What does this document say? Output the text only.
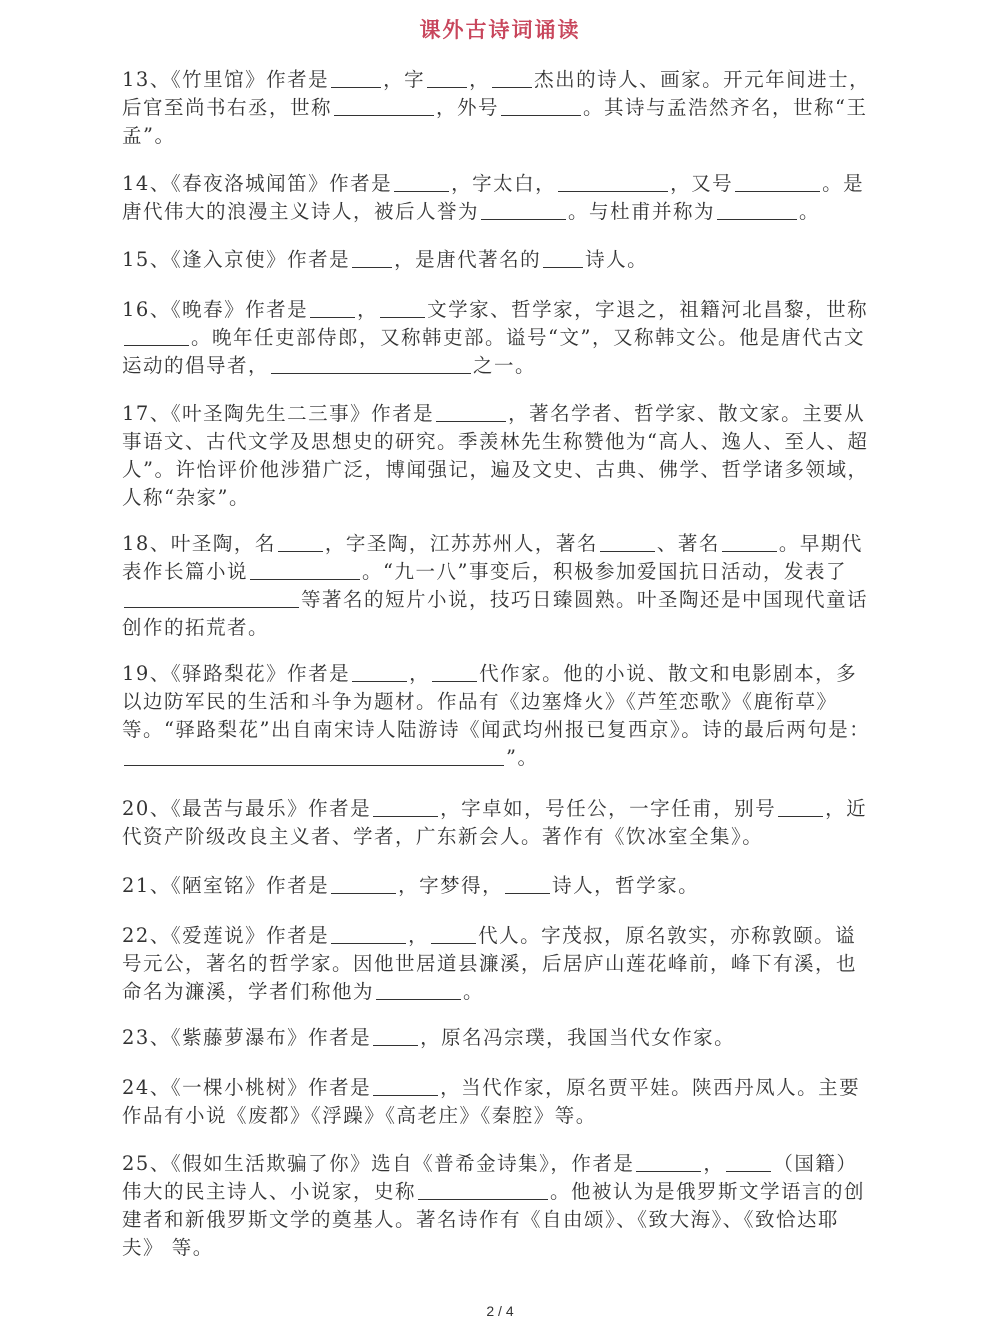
课外古诗词诵读
13、《竹里馆》作者是	，字 ， 杰出的诗人、画家。开元年间进士，后官至尚书右丞，世称	，外号	。其诗与孟浩然齐名，世称“王孟”。
14、《春夜洛城闻笛》作者是	，字太白，	，又号	。是唐代伟大的浪漫主义诗人，被后人誉为	。与杜甫并称为	。
15、《逢入京使》作者是 ，是唐代著名的 诗人。
16、《晚春》作者是	，	文学家、哲学家，字退之，祖籍河北昌黎，世称。晚年任吏部侍郎，又称韩吏部。谥号“文”，又称韩文公。他是唐代古文运动的倡导者，	之一。
17、《叶圣陶先生二三事》作者是	，著名学者、哲学家、散文家。主要从事语文、古代文学及思想史的研究。季羡林先生称赞他为“高人、逸人、至人、超人”。许怡评价他涉猎广泛，博闻强记，遍及文史、古典、佛学、哲学诸多领域，人称“杂家”。
18、叶圣陶，名	，字圣陶，江苏苏州人，著名	、著名	。早期代表作长篇小说	。“九一八”事变后，积极参加爱国抗日活动，发表了等著名的短片小说，技巧日臻圆熟。叶圣陶还是中国现代童话创作的拓荒者。
19、《驿路梨花》作者是	，	代作家。他的小说、散文和电影剧本，多以边防军民的生活和斗争为题材。作品有《边塞烽火》《芦笙恋歌》《鹿衔草》等。“驿路梨花”出自南宋诗人陆游诗《闻武均州报已复西京》。诗的最后两句是：”。
20、《最苦与最乐》作者是	，字卓如，号任公，一字任甫，别号	，近代资产阶级改良主义者、学者，广东新会人。著作有《饮冰室全集》。
21、《陋室铭》作者是	，字梦得，	诗人，哲学家。
22、《爱莲说》作者是	，	代人。字茂叔，原名敦实，亦称敦颐。谥号元公，著名的哲学家。因他世居道县濂溪，后居庐山莲花峰前，峰下有溪，也命名为濂溪，学者们称他为	。
23、《紫藤萝瀑布》作者是	，原名冯宗璞，我国当代女作家。
24、《一棵小桃树》作者是	，当代作家，原名贾平娃。陕西丹凤人。主要作品有小说《废都》《浮躁》《高老庄》《秦腔》等。
25、《假如生活欺骗了你》选自《普希金诗集》，作者是	，	（国籍）伟大的民主诗人、小说家，史称	。他被认为是俄罗斯文学语言的创建者和新俄罗斯文学的奠基人。著名诗作有《自由颂》、《致大海》、《致恰达耶夫》 等。
2 / 4
